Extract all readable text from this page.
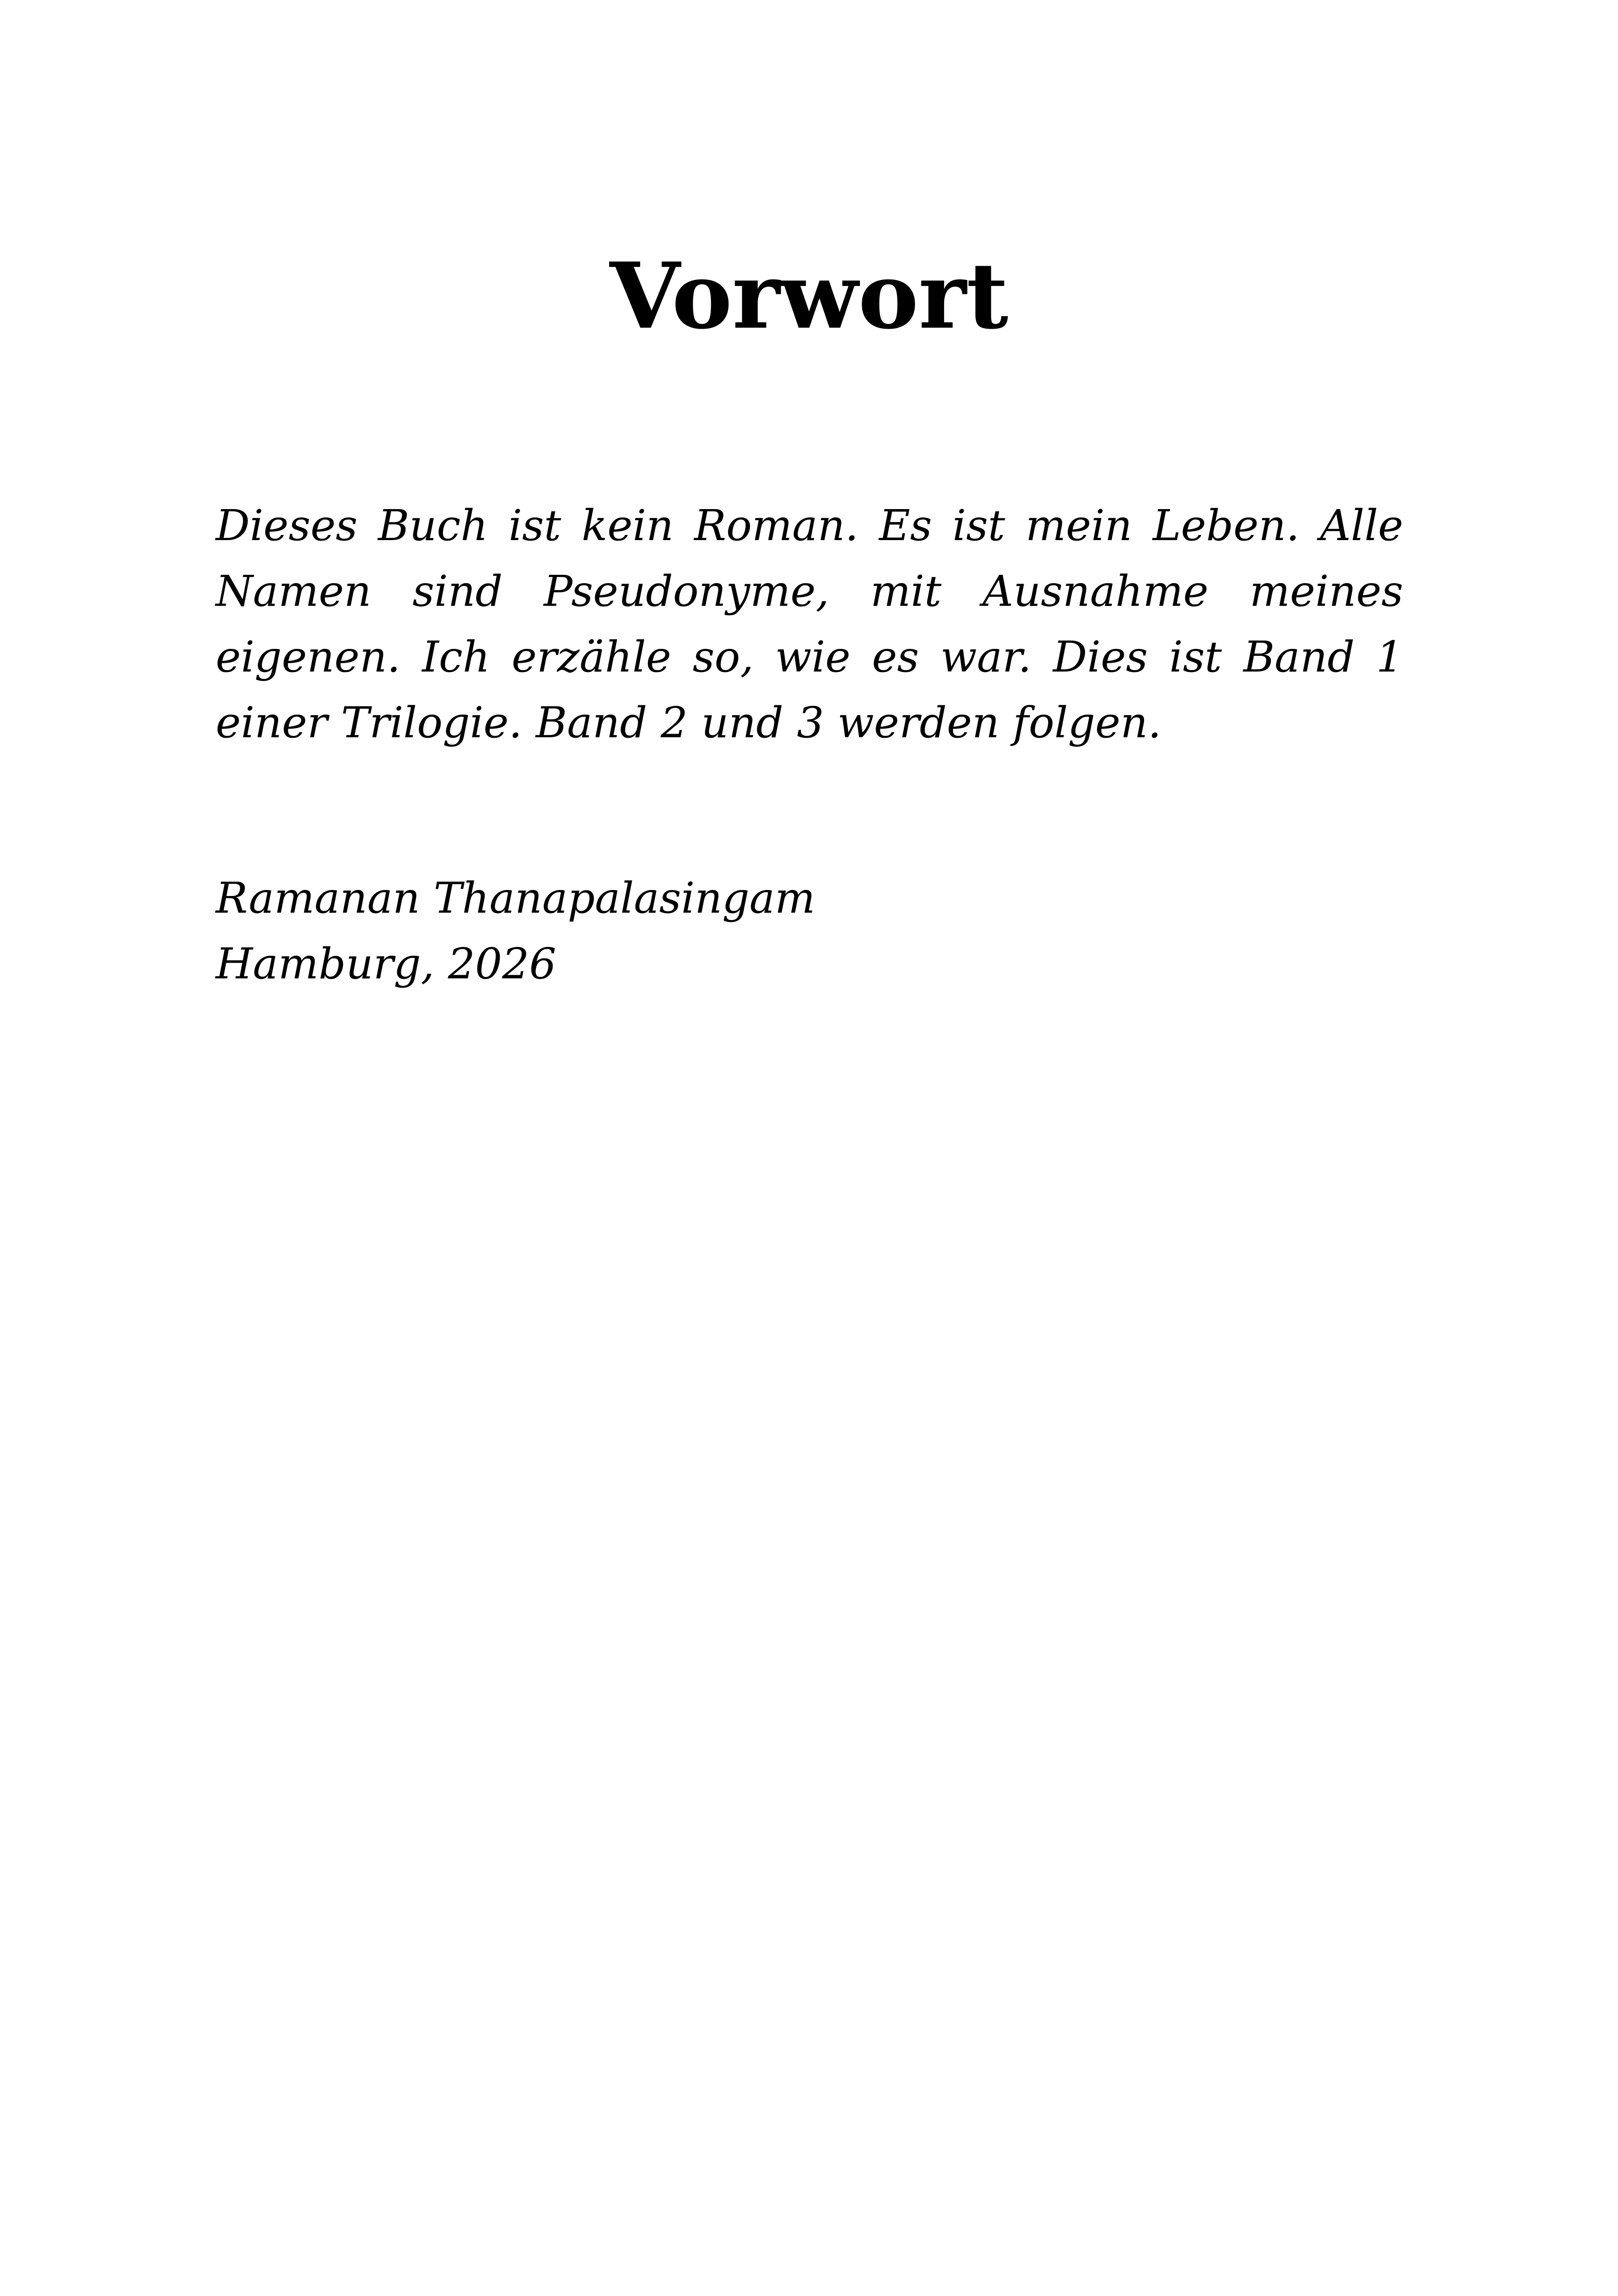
Vorwort

Dieses Buch ist kein Roman. Es ist mein Leben. Alle Namen sind Pseudonyme, mit Ausnahme meines eigenen. Ich erzähle so, wie es war. Dies ist Band 1 einer Trilogie. Band 2 und 3 werden folgen.

Ramanan Thanapalasingam
Hamburg, 2026
